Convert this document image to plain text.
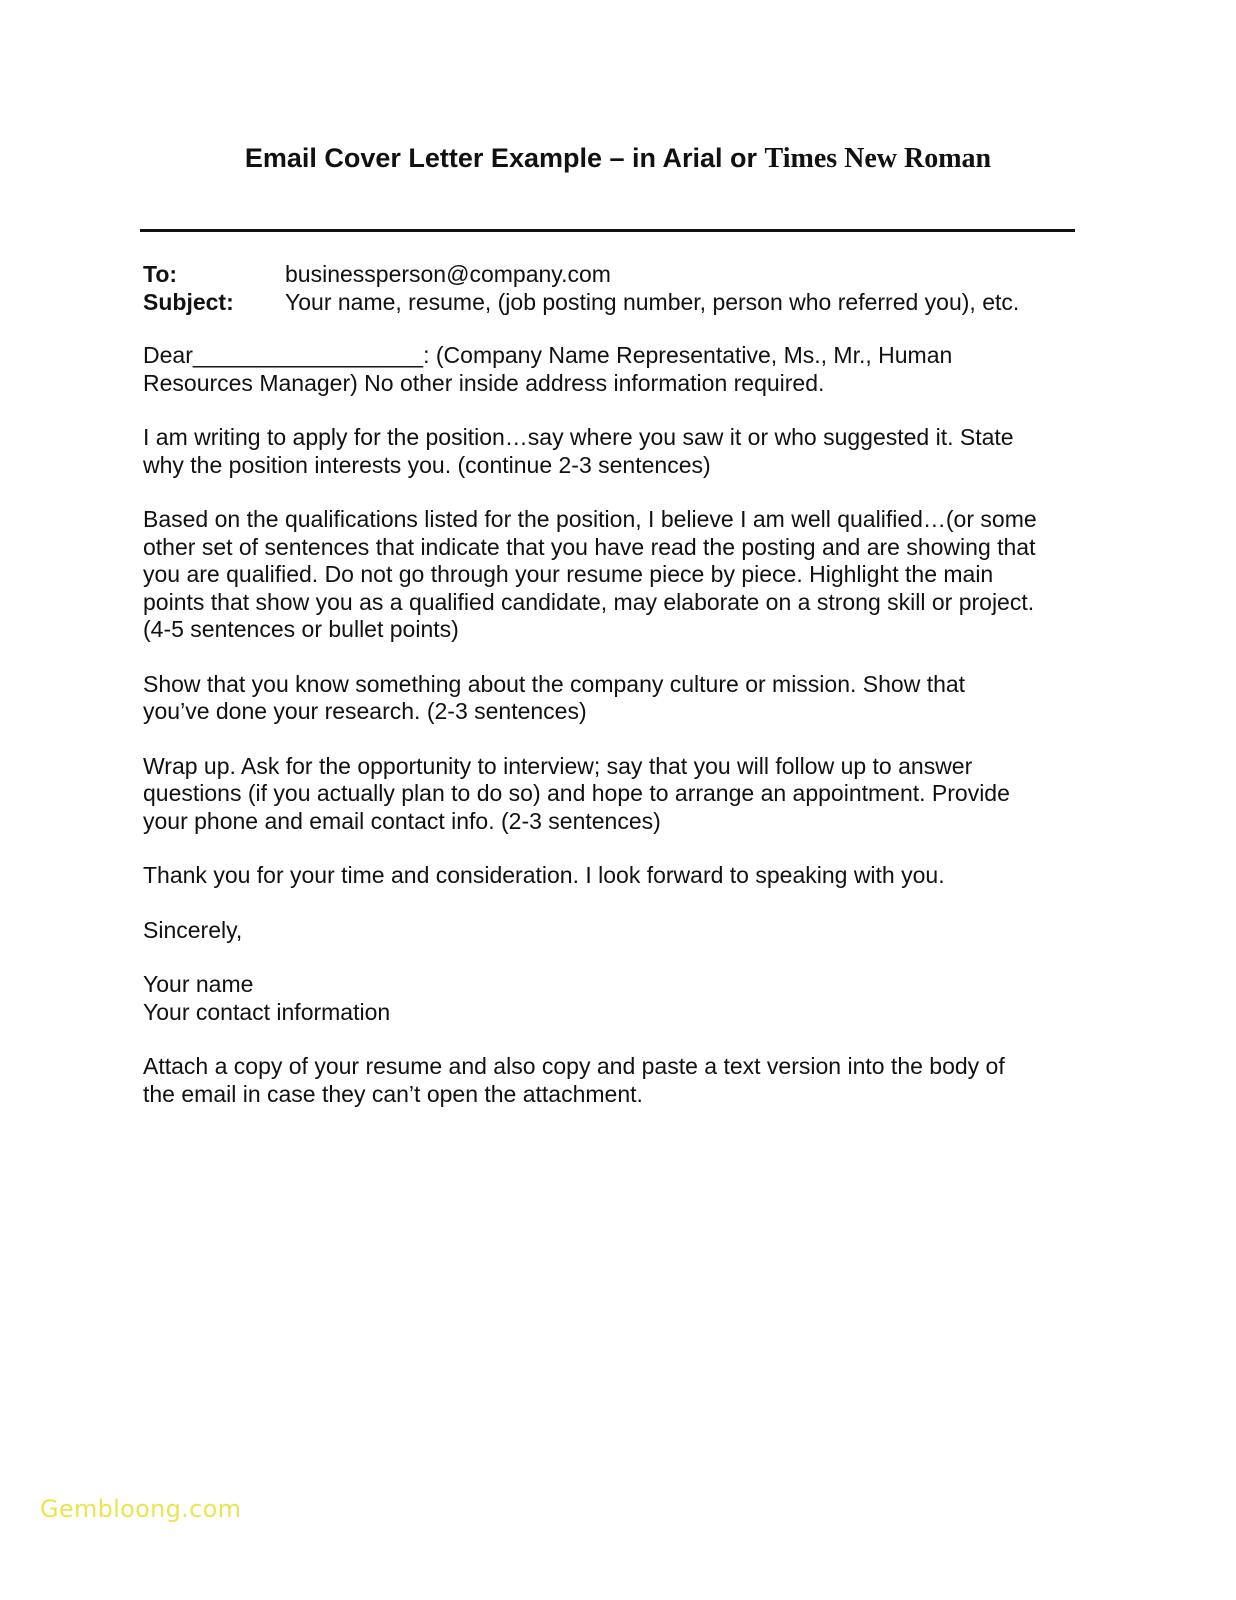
Email Cover Letter Example – in Arial or Times New Roman
To:	businessperson@company.com
Subject:	Your name, resume, (job posting number, person who referred you), etc.

Dear__________________: (Company Name Representative, Ms., Mr., Human
Resources Manager) No other inside address information required.

I am writing to apply for the position…say where you saw it or who suggested it. State
why the position interests you. (continue 2-3 sentences)

Based on the qualifications listed for the position, I believe I am well qualified…(or some
other set of sentences that indicate that you have read the posting and are showing that
you are qualified. Do not go through your resume piece by piece. Highlight the main
points that show you as a qualified candidate, may elaborate on a strong skill or project.
(4-5 sentences or bullet points)

Show that you know something about the company culture or mission. Show that
you’ve done your research. (2-3 sentences)

Wrap up. Ask for the opportunity to interview; say that you will follow up to answer
questions (if you actually plan to do so) and hope to arrange an appointment. Provide
your phone and email contact info. (2-3 sentences)

Thank you for your time and consideration. I look forward to speaking with you.

Sincerely,

Your name
Your contact information

Attach a copy of your resume and also copy and paste a text version into the body of
the email in case they can’t open the attachment.

Gembloong.com
